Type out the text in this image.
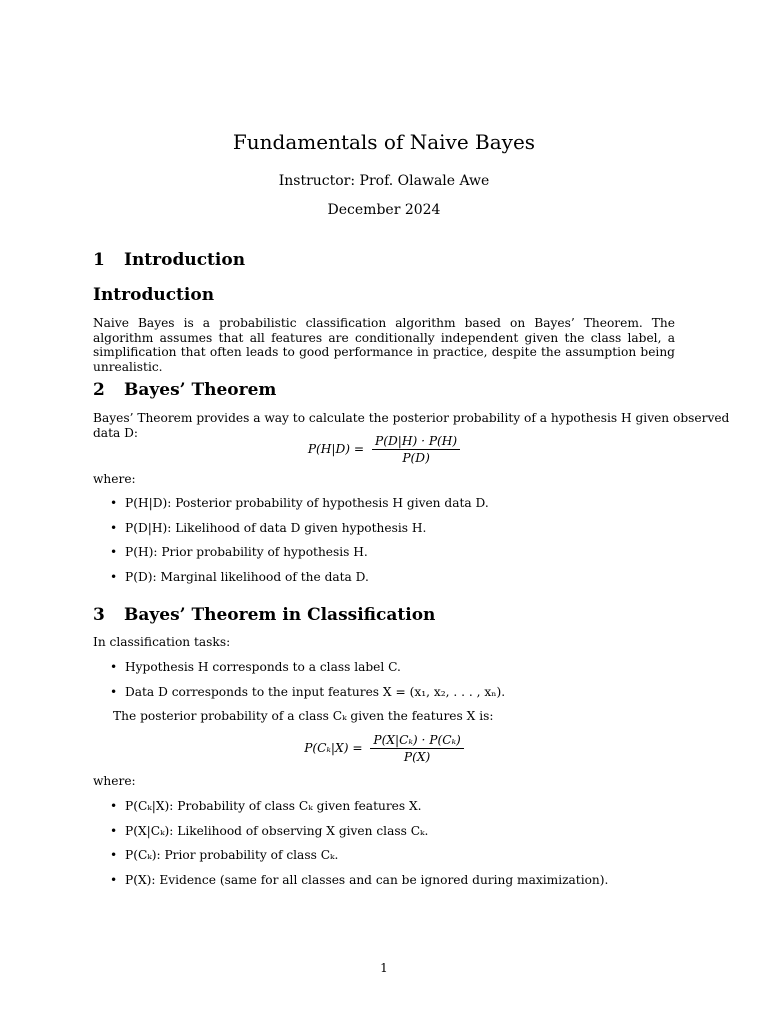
Fundamentals of Naive Bayes
Instructor: Prof. Olawale Awe
December 2024
1 Introduction
Introduction
Naive Bayes is a probabilistic classification algorithm based on Bayes’ Theorem. The algorithm assumes that all features are conditionally independent given the class label, a simplification that often leads to good performance in practice, despite the assumption being unrealistic.
2 Bayes’ Theorem
Bayes’ Theorem provides a way to calculate the posterior probability of a hypothesis H given observed
data D:
$P(H|D) = \frac{P(D|H) \cdot P(H)}{P(D)}$
where:
• P(H|D): Posterior probability of hypothesis H given data D.
• P(D|H): Likelihood of data D given hypothesis H.
• P(H): Prior probability of hypothesis H.
• P(D): Marginal likelihood of the data D.
3 Bayes’ Theorem in Classification
In classification tasks:
• Hypothesis H corresponds to a class label C.
• Data D corresponds to the input features X = (x₁, x₂, . . . , xₙ).
The posterior probability of a class Cₖ given the features X is:
$P(C_k|X) = \frac{\text{P(X|Cₖ) · P(Cₖ)}}{P(X)}$
where:
• P(Cₖ|X): Probability of class Cₖ given features X.
• P(X|Cₖ): Likelihood of observing X given class Cₖ.
• P(Cₖ): Prior probability of class Cₖ.
• P(X): Evidence (same for all classes and can be ignored during maximization).
1
